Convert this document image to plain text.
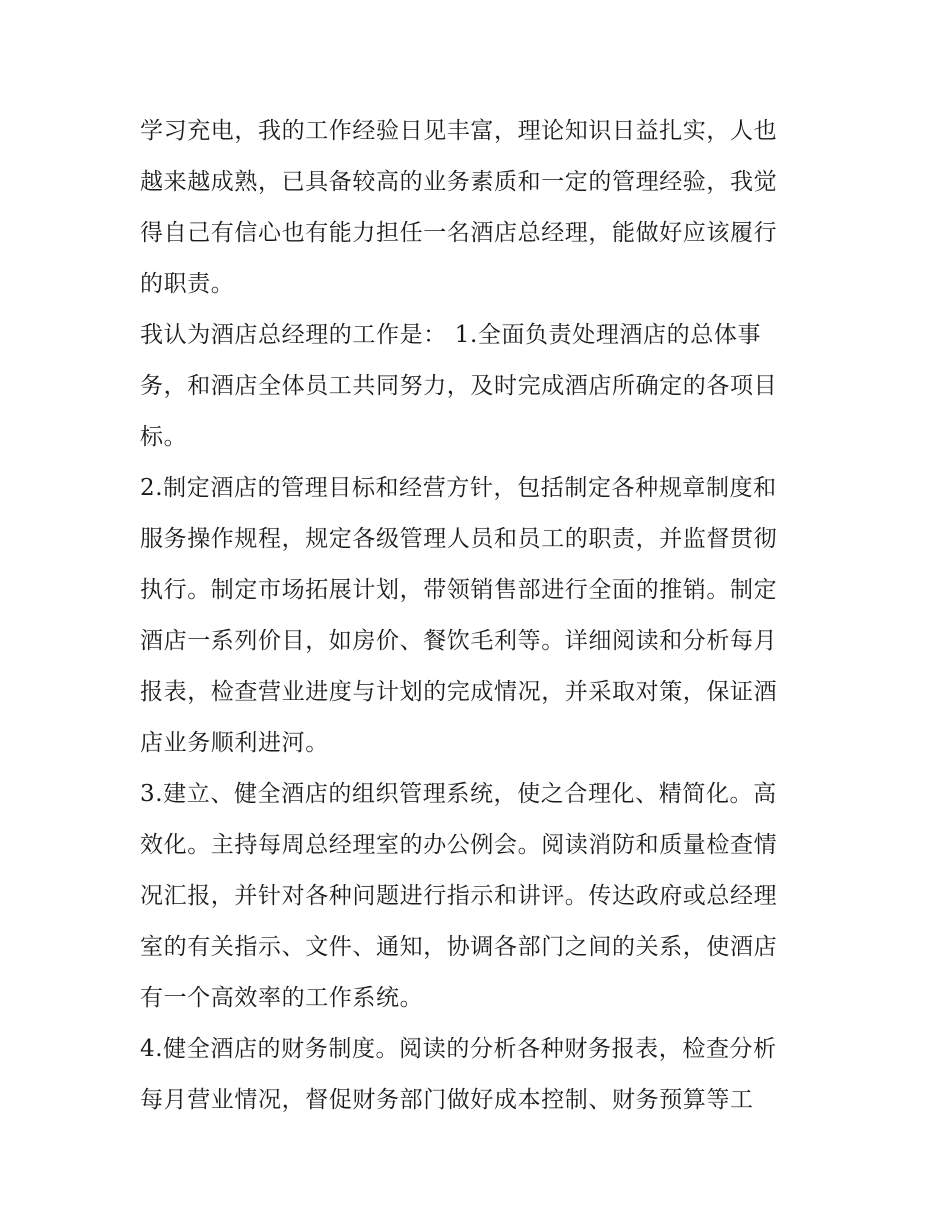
学习充电，我的工作经验日见丰富，理论知识日益扎实，人也
越来越成熟，已具备较高的业务素质和一定的管理经验，我觉
得自己有信心也有能力担任一名酒店总经理，能做好应该履行
的职责。
我认为酒店总经理的工作是： 1.全面负责处理酒店的总体事
务，和酒店全体员工共同努力，及时完成酒店所确定的各项目
标。
2.制定酒店的管理目标和经营方针，包括制定各种规章制度和
服务操作规程，规定各级管理人员和员工的职责，并监督贯彻
执行。制定市场拓展计划，带领销售部进行全面的推销。制定
酒店一系列价目，如房价、餐饮毛利等。详细阅读和分析每月
报表，检查营业进度与计划的完成情况，并采取对策，保证酒
店业务顺利进河。
3.建立、健全酒店的组织管理系统，使之合理化、精简化。高
效化。主持每周总经理室的办公例会。阅读消防和质量检查情
况汇报，并针对各种问题进行指示和讲评。传达政府或总经理
室的有关指示、文件、通知，协调各部门之间的关系，使酒店
有一个高效率的工作系统。
4.健全酒店的财务制度。阅读的分析各种财务报表，检查分析
每月营业情况，督促财务部门做好成本控制、财务预算等工
